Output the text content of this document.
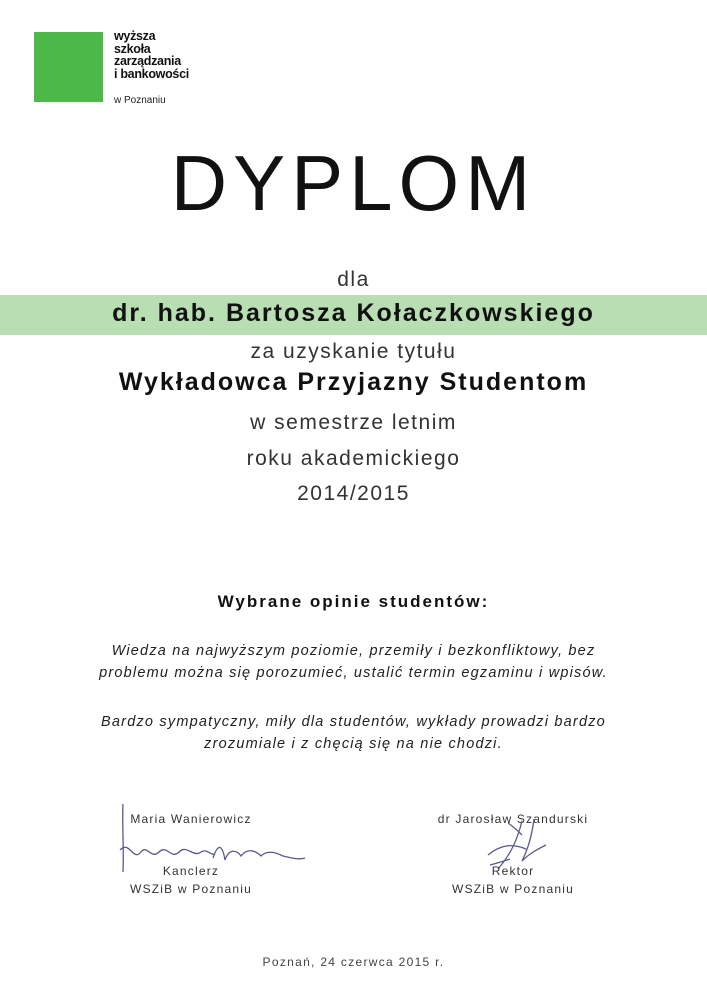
wyższa
szkoła
zarządzania
i bankowości
w Poznaniu
DYPLOM
dla
dr. hab. Bartosza Kołaczkowskiego
za uzyskanie tytułu
Wykładowca Przyjazny Studentom
w semestrze letnim
roku akademickiego
2014/2015
Wybrane opinie studentów:
Wiedza na najwyższym poziomie, przemiły i bezkonfliktowy, bez
problemu można się porozumieć, ustalić termin egzaminu i wpisów.
Bardzo sympatyczny, miły dla studentów, wykłady prowadzi bardzo
zrozumiale i z chęcią się na nie chodzi.
Maria Wanierowicz
Kanclerz
WSZiB w Poznaniu
dr Jarosław Szandurski
Rektor
WSZiB w Poznaniu
Poznań, 24 czerwca 2015 r.
